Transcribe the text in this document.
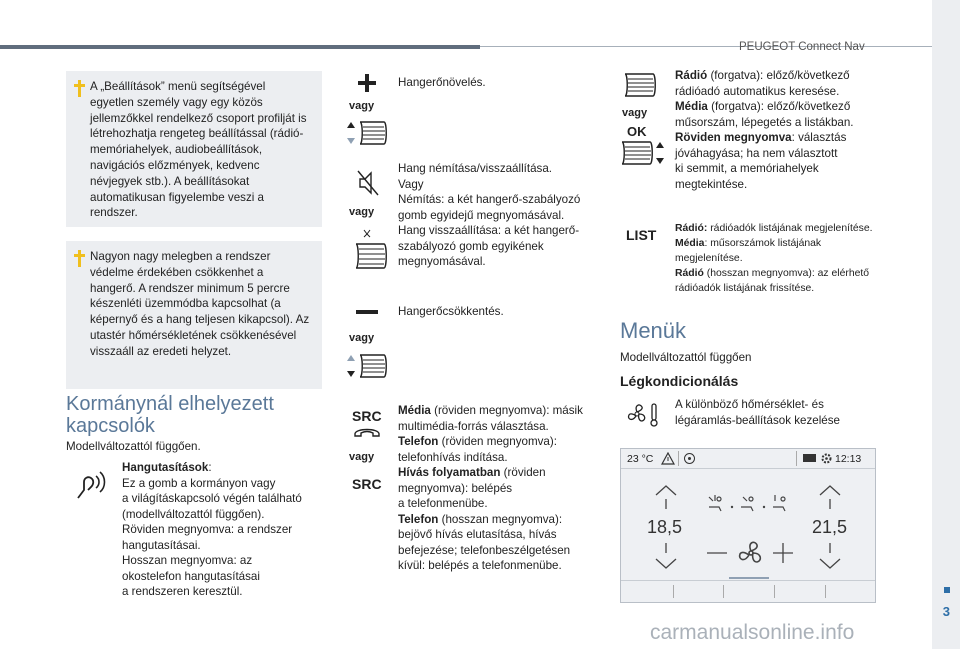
PEUGEOT Connect Nav
3
carmanualsonline.info

A „Beállítások” menü segítségével egyetlen személy vagy egy közös jellemzőkkel rendelkező csoport profilját is létrehozhatja rengeteg beállítással (rádió-memóriahelyek, audiobeállítások, navigációs előzmények, kedvenc névjegyek stb.). A beállításokat automatikusan figyelembe veszi a rendszer.

Nagyon nagy melegben a rendszer védelme érdekében csökkenhet a hangerő. A rendszer minimum 5 percre készenléti üzemmódba kapcsolhat (a képernyő és a hang teljesen kikapcsol). Az utastér hőmérsékletének csökkenésével visszaáll az eredeti helyzet.

Kormánynál elhelyezett
kapcsolók
Modellváltozattól függően.
Hangutasítások:
Ez a gomb a kormányon vagy
a világításkapcsoló végén található (modellváltozattól függően).
Röviden megnyomva: a rendszer hangutasításai.
Hosszan megnyomva: az okostelefon hangutasításai
a rendszeren keresztül.
vagy
Hangerőnövelés.
vagy
Hang némítása/visszaállítása.
Vagy
Némítás: a két hangerő-szabályozó gomb egyidejű megnyomásával.
Hang visszaállítása: a két hangerő-szabályozó gomb egyikének megnyomásával.
vagy
Hangerőcsökkentés.
SRC
vagy
SRC
Média (röviden megnyomva): másik multimédia-forrás választása.
Telefon (röviden megnyomva): telefonhívás indítása.
Hívás folyamatban (röviden megnyomva): belépés
a telefonmenübe.
Telefon (hosszan megnyomva): bejövő hívás elutasítása, hívás befejezése; telefonbeszélgetésen kívül: belépés a telefonmenübe.
vagy
OK
Rádió (forgatva): előző/következő rádióadó automatikus keresése.
Média (forgatva): előző/következő műsorszám, lépegetés a listákban.
Röviden megnyomva: választás jóváhagyása; ha nem választott
ki semmit, a memóriahelyek megtekintése.
LIST Rádió: rádióadók listájának megjelenítése.
Média: műsorszámok listájának megjelenítése.
Rádió (hosszan megnyomva): az elérhető rádióadók listájának frissítése.
Menük
Modellváltozattól függően
Légkondicionálás
A különböző hőmérséklet- és légáramlás-beállítások kezelése
23 °C	12:13
18,5	21,5
